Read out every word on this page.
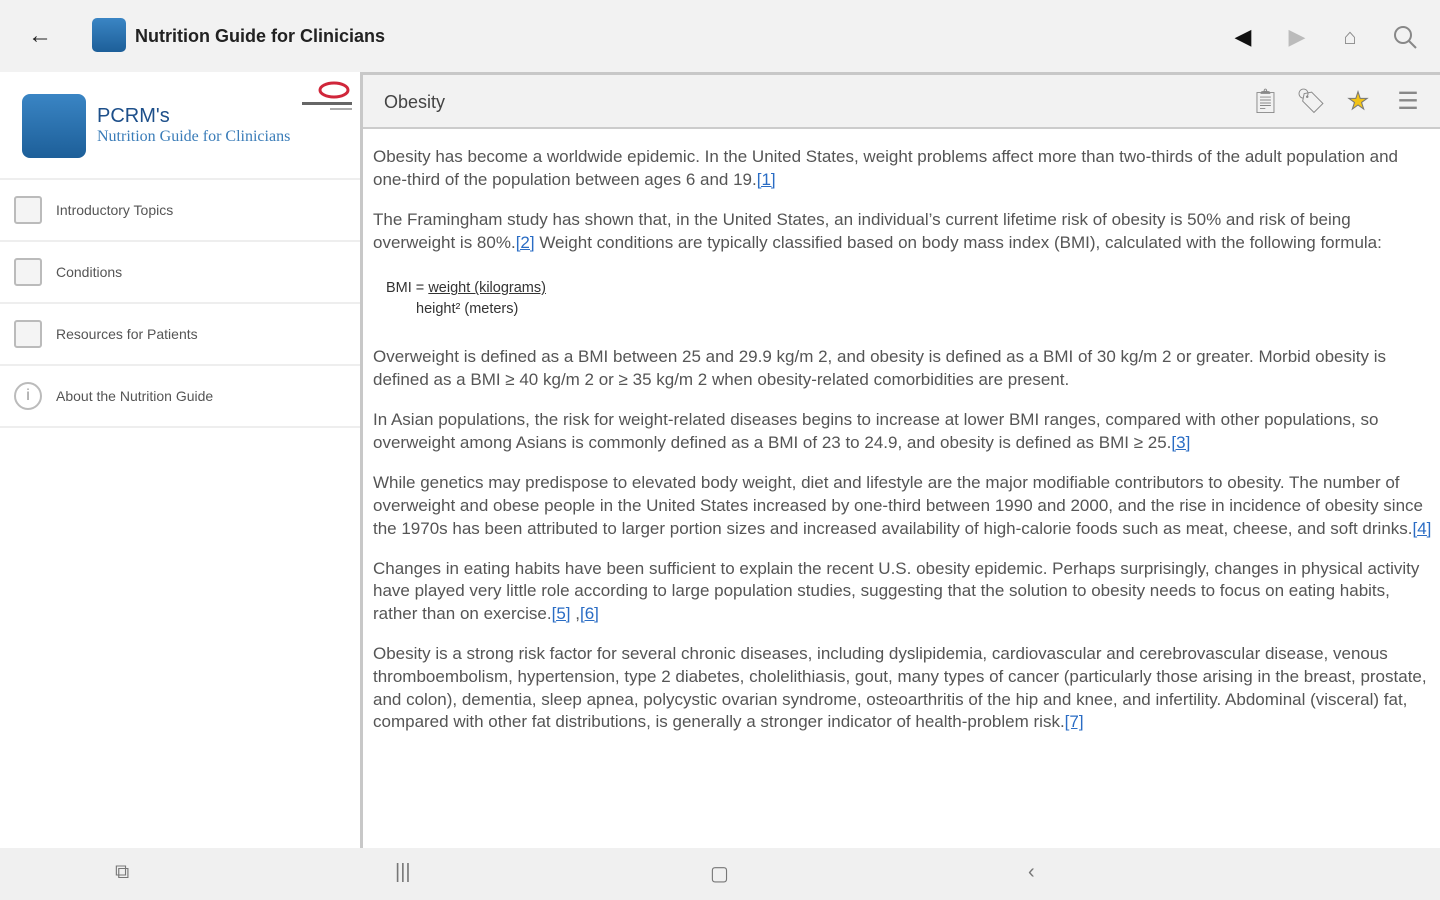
←	Nutrition Guide for Clinicians	◀ ▶	⌂
PCRM's
Nutrition Guide for Clinicians
Introductory Topics
Conditions
Resources for Patients
i	About the Nutrition Guide
Obesity	📋︎ 🏷︎ ★ ☰

Obesity has become a worldwide epidemic. In the United States, weight problems affect more than two-thirds of the adult population and one-third of the population between ages 6 and 19.[1]

The Framingham study has shown that, in the United States, an individual’s current lifetime risk of obesity is 50% and risk of being overweight is 80%.[2] Weight conditions are typically classified based on body mass index (BMI), calculated with the following formula:

BMI = weight (kilograms)
height² (meters)

Overweight is defined as a BMI between 25 and 29.9 kg/m 2, and obesity is defined as a BMI of 30 kg/m 2 or greater. Morbid obesity is defined as a BMI ≥ 40 kg/m 2 or ≥ 35 kg/m 2 when obesity-related comorbidities are present.

In Asian populations, the risk for weight-related diseases begins to increase at lower BMI ranges, compared with other populations, so overweight among Asians is commonly defined as a BMI of 23 to 24.9, and obesity is defined as BMI ≥ 25.[3]

While genetics may predispose to elevated body weight, diet and lifestyle are the major modifiable contributors to obesity. The number of overweight and obese people in the United States increased by one-third between 1990 and 2000, and the rise in incidence of obesity since the 1970s has been attributed to larger portion sizes and increased availability of high-calorie foods such as meat, cheese, and soft drinks.[4]

Changes in eating habits have been sufficient to explain the recent U.S. obesity epidemic. Perhaps surprisingly, changes in physical activity have played very little role according to large population studies, suggesting that the solution to obesity needs to focus on eating habits, rather than on exercise.[5] ,[6]

Obesity is a strong risk factor for several chronic diseases, including dyslipidemia, cardiovascular and cerebrovascular disease, venous thromboembolism, hypertension, type 2 diabetes, cholelithiasis, gout, many types of cancer (particularly those arising in the breast, prostate, and colon), dementia, sleep apnea, polycystic ovarian syndrome, osteoarthritis of the hip and knee, and infertility. Abdominal (visceral) fat, compared with other fat distributions, is generally a stronger indicator of health-problem risk.[7]

⧉	|||	▢	‹
